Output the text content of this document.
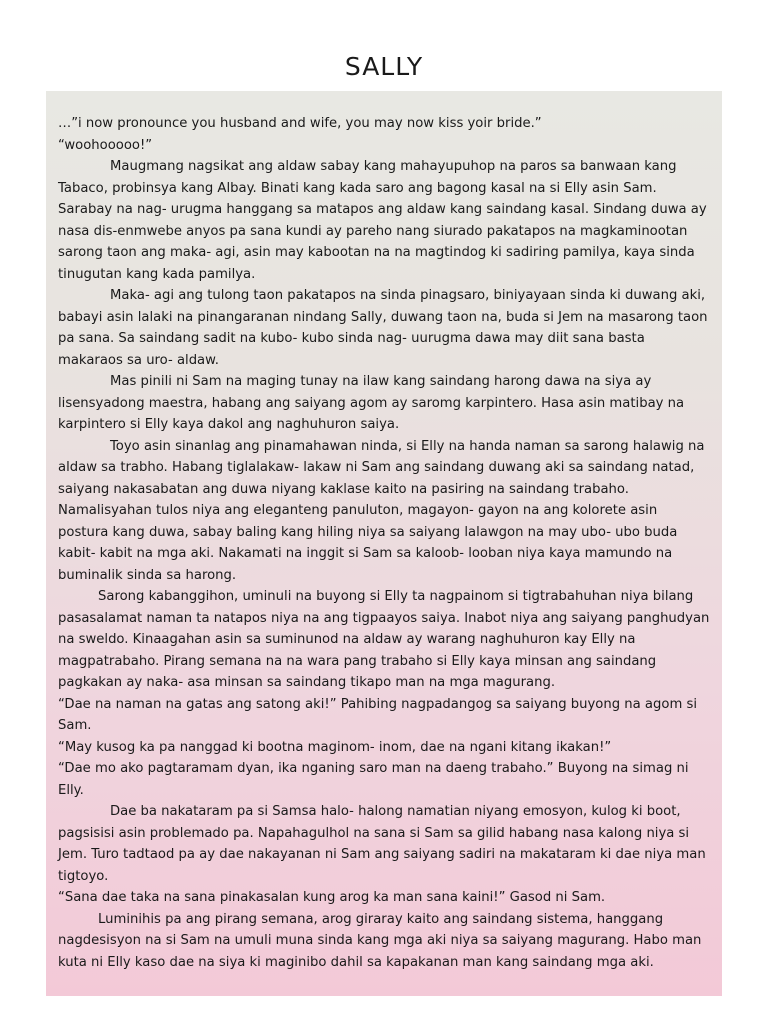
SALLY

…”i now pronounce you husband and wife, you may now kiss yoir bride.”

“woohooooo!”

Maugmang nagsikat ang aldaw sabay kang mahayupuhop na paros sa banwaan kang Tabaco, probinsya kang Albay. Binati kang kada saro ang bagong kasal na si Elly asin Sam. Sarabay na nag- urugma hanggang sa matapos ang aldaw kang saindang kasal. Sindang duwa ay nasa dis-enmwebe anyos pa sana kundi ay pareho nang siurado pakatapos na magkaminootan sarong taon ang maka- agi, asin may kabootan na na magtindog ki sadiring pamilya, kaya sinda tinugutan kang kada pamilya.

Maka- agi ang tulong taon pakatapos na sinda pinagsaro, biniyayaan sinda ki duwang aki, babayi asin lalaki na pinangaranan nindang Sally, duwang taon na, buda si Jem na masarong taon pa sana. Sa saindang sadit na kubo- kubo sinda nag- uurugma dawa may diit sana basta makaraos sa uro- aldaw.

Mas pinili ni Sam na maging tunay na ilaw kang saindang harong dawa na siya ay lisensyadong maestra, habang ang saiyang agom ay saromg karpintero. Hasa asin matibay na karpintero si Elly kaya dakol ang naghuhuron saiya.

Toyo asin sinanlag ang pinamahawan ninda, si Elly na handa naman sa sarong halawig na aldaw sa trabho. Habang tiglalakaw- lakaw ni Sam ang saindang duwang aki sa saindang natad, saiyang nakasabatan ang duwa niyang kaklase kaito na pasiring na saindang trabaho. Namalisyahan tulos niya ang eleganteng panuluton, magayon- gayon na ang kolorete asin postura kang duwa, sabay baling kang hiling niya sa saiyang lalawgon na may ubo- ubo buda kabit- kabit na mga aki. Nakamati na inggit si Sam sa kaloob- looban niya kaya mamundo na buminalik sinda sa harong.

Sarong kabanggihon, uminuli na buyong si Elly ta nagpainom si tigtrabahuhan niya bilang pasasalamat naman ta natapos niya na ang tigpaayos saiya. Inabot niya ang saiyang panghudyan na sweldo. Kinaagahan asin sa suminunod na aldaw ay warang naghuhuron kay Elly na magpatrabaho. Pirang semana na na wara pang trabaho si Elly kaya minsan ang saindang pagkakan ay naka- asa minsan sa saindang tikapo man na mga magurang.

“Dae na naman na gatas ang satong aki!” Pahibing nagpadangog sa saiyang buyong na agom si Sam.

“May kusog ka pa nanggad ki bootna maginom- inom, dae na ngani kitang ikakan!”

“Dae mo ako pagtaramam dyan, ika nganing saro man na daeng trabaho.” Buyong na simag ni Elly.

Dae ba nakataram pa si Samsa halo- halong namatian niyang emosyon, kulog ki boot, pagsisisi asin problemado pa. Napahagulhol na sana si Sam sa gilid habang nasa kalong niya si Jem. Turo tadtaod pa ay dae nakayanan ni Sam ang saiyang sadiri na makataram ki dae niya man tigtoyo.

“Sana dae taka na sana pinakasalan kung arog ka man sana kaini!” Gasod ni Sam.

Luminihis pa ang pirang semana, arog giraray kaito ang saindang sistema, hanggang nagdesisyon na si Sam na umuli muna sinda kang mga aki niya sa saiyang magurang. Habo man kuta ni Elly kaso dae na siya ki maginibo dahil sa kapakanan man kang saindang mga aki.
